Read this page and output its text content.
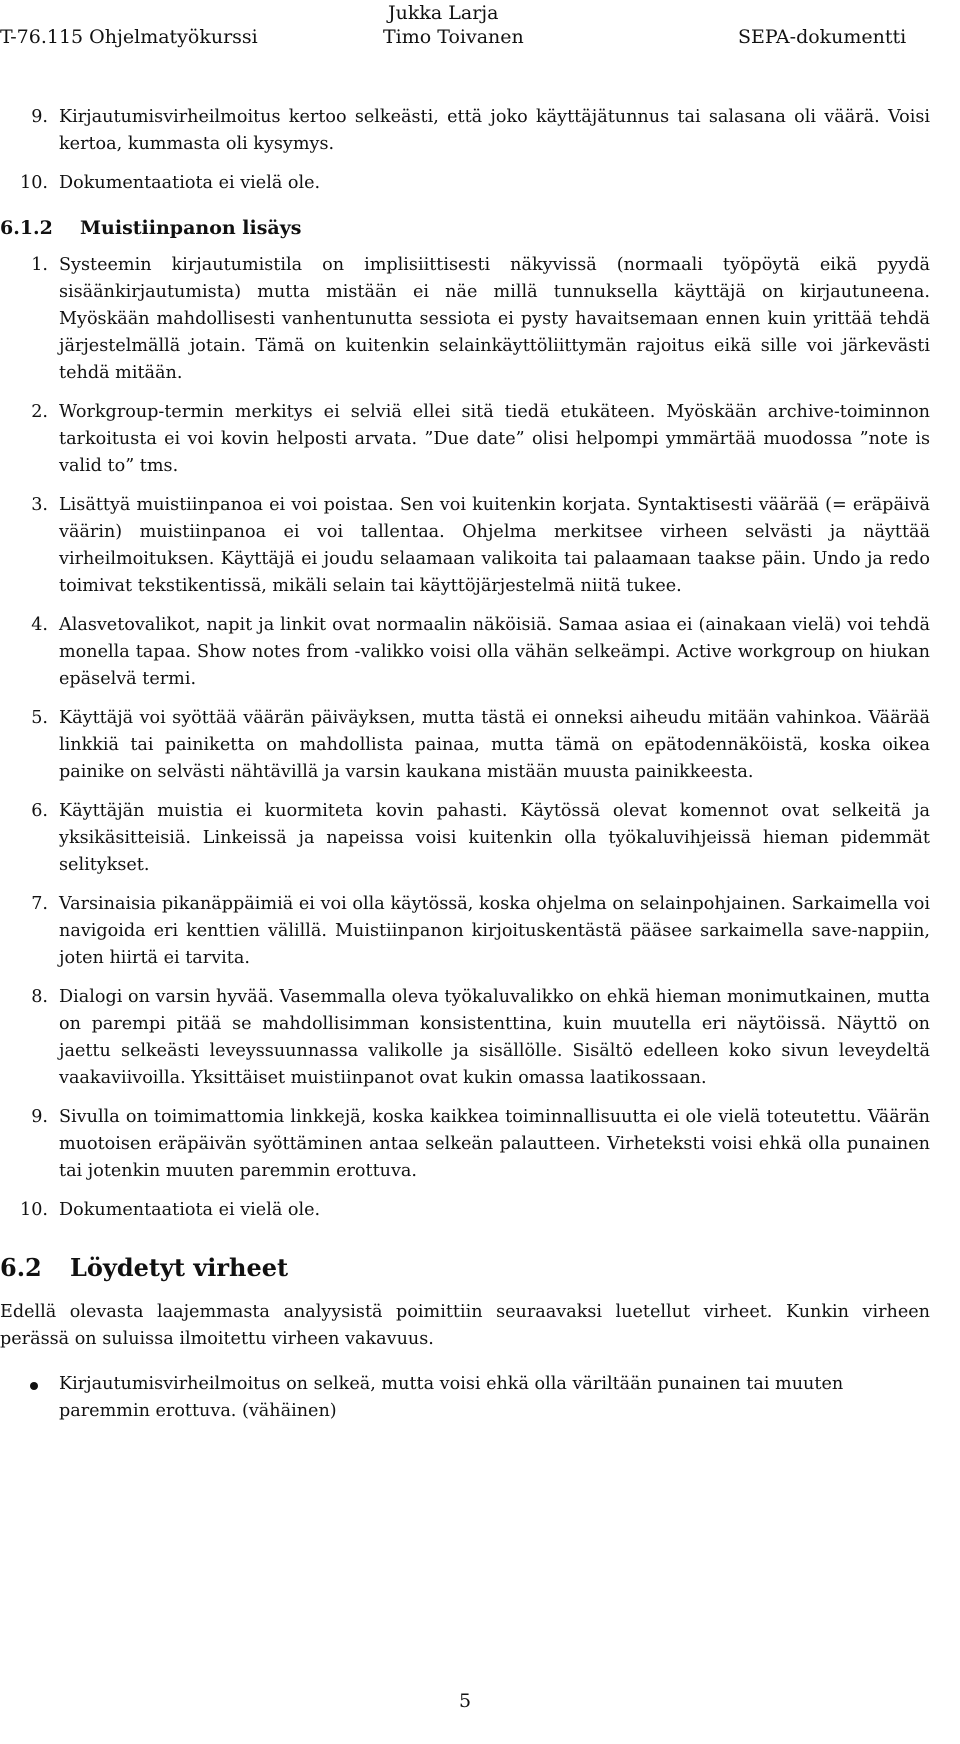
T-76.115 Ohjelmatyökurssi
Jukka Larja
Timo Toivanen	SEPA-dokumentti
9. Kirjautumisvirheilmoitus kertoo selkeästi, että joko käyttäjätunnus tai salasana oli väärä. Voisi kertoa, kummasta oli kysymys.

10. Dokumentaatiota ei vielä ole.

6.1.2 Muistiinpanon lisäys
1. Systeemin kirjautumistila on implisiittisesti näkyvissä (normaali työpöytä eikä pyydä sisäänkirjautumista) mutta mistään ei näe millä tunnuksella käyttäjä on kirjautuneena. Myöskään mahdollisesti vanhentunutta sessiota ei pysty havaitsemaan ennen kuin yrittää tehdä järjestelmällä jotain. Tämä on kuitenkin selainkäyttöliittymän rajoitus eikä sille voi järkevästi tehdä mitään.

2. Workgroup-termin merkitys ei selviä ellei sitä tiedä etukäteen. Myöskään archive-toiminnon tarkoitusta ei voi kovin helposti arvata. ”Due date” olisi helpompi ymmärtää muodossa ”note is valid to” tms.

3. Lisättyä muistiinpanoa ei voi poistaa. Sen voi kuitenkin korjata. Syntaktisesti väärää (= eräpäivä väärin) muistiinpanoa ei voi tallentaa. Ohjelma merkitsee virheen selvästi ja näyttää virheilmoituksen. Käyttäjä ei joudu selaamaan valikoita tai palaamaan taakse päin. Undo ja redo toimivat tekstikentissä, mikäli selain tai käyttöjärjestelmä niitä tukee.

4. Alasvetovalikot, napit ja linkit ovat normaalin näköisiä. Samaa asiaa ei (ainakaan vielä) voi tehdä monella tapaa. Show notes from -valikko voisi olla vähän selkeämpi. Active workgroup on hiukan epäselvä termi.

5. Käyttäjä voi syöttää väärän päiväyksen, mutta tästä ei onneksi aiheudu mitään vahinkoa. Väärää linkkiä tai painiketta on mahdollista painaa, mutta tämä on epätodennäköistä, koska oikea painike on selvästi nähtävillä ja varsin kaukana mistään muusta painikkeesta.

6. Käyttäjän muistia ei kuormiteta kovin pahasti. Käytössä olevat komennot ovat selkeitä ja yksikäsitteisiä. Linkeissä ja napeissa voisi kuitenkin olla työkaluvihjeissä hieman pidemmät selitykset.

7. Varsinaisia pikanäppäimiä ei voi olla käytössä, koska ohjelma on selainpohjainen. Sarkaimella voi navigoida eri kenttien välillä. Muistiinpanon kirjoituskentästä pääsee sarkaimella save-nappiin, joten hiirtä ei tarvita.

8. Dialogi on varsin hyvää. Vasemmalla oleva työkaluvalikko on ehkä hieman monimutkainen, mutta on parempi pitää se mahdollisimman konsistenttina, kuin muutella eri näytöissä. Näyttö on jaettu selkeästi leveyssuunnassa valikolle ja sisällölle. Sisältö edelleen koko sivun leveydeltä vaakaviivoilla. Yksittäiset muistiinpanot ovat kukin omassa laatikossaan.

9. Sivulla on toimimattomia linkkejä, koska kaikkea toiminnallisuutta ei ole vielä toteutettu. Väärän muotoisen eräpäivän syöttäminen antaa selkeän palautteen. Virheteksti voisi ehkä olla punainen tai jotenkin muuten paremmin erottuva.

10. Dokumentaatiota ei vielä ole.

6.2 Löydetyt virheet

Edellä olevasta laajemmasta analyysistä poimittiin seuraavaksi luetellut virheet. Kunkin virheen perässä on suluissa ilmoitettu virheen vakavuus.

Kirjautumisvirheilmoitus on selkeä, mutta voisi ehkä olla väriltään punainen tai muuten paremmin erottuva. (vähäinen)

5
